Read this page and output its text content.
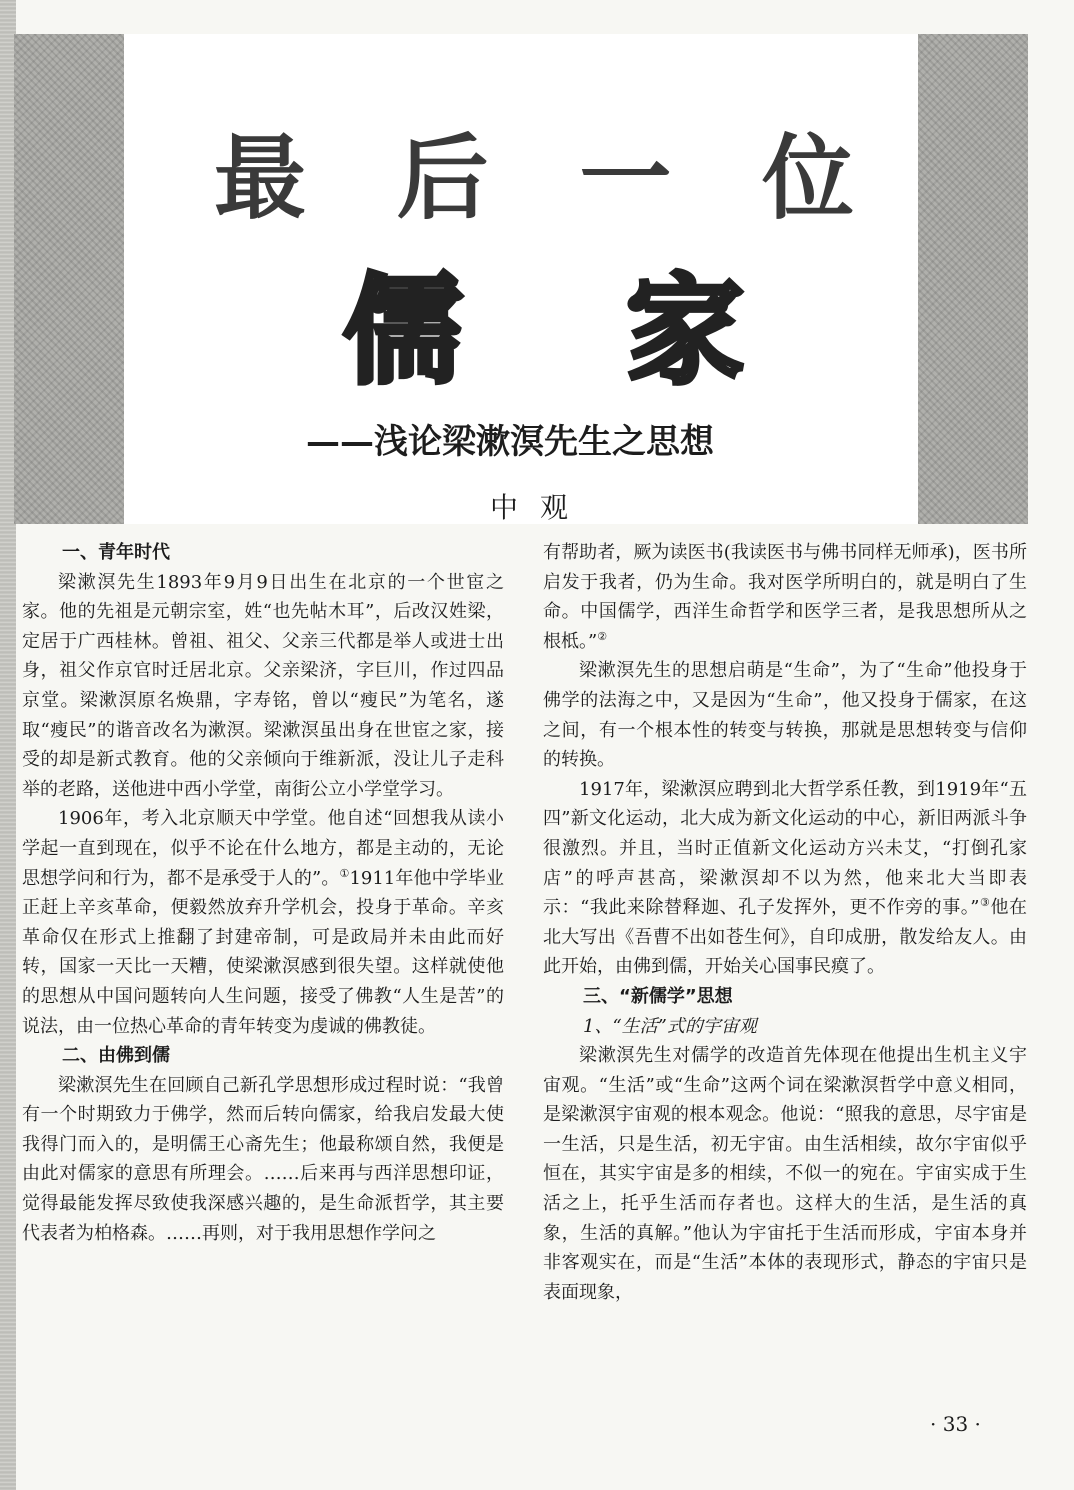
最 后 一 位
儒 家
——浅论梁漱溟先生之思想
中观
一、青年时代

梁漱溟先生1893年9月9日出生在北京的一个世宦之家。他的先祖是元朝宗室，姓“也先帖木耳”，后改汉姓梁，定居于广西桂林。曾祖、祖父、父亲三代都是举人或进士出身，祖父作京官时迁居北京。父亲梁济，字巨川，作过四品京堂。梁漱溟原名焕鼎，字寿铭，曾以“瘦民”为笔名，遂取“瘦民”的谐音改名为漱溟。梁漱溟虽出身在世宦之家，接受的却是新式教育。他的父亲倾向于维新派，没让儿子走科举的老路，送他进中西小学堂，南街公立小学堂学习。

1906年，考入北京顺天中学堂。他自述“回想我从读小学起一直到现在，似乎不论在什么地方，都是主动的，无论思想学问和行为，都不是承受于人的”。①1911年他中学毕业正赶上辛亥革命，便毅然放弃升学机会，投身于革命。辛亥革命仅在形式上推翻了封建帝制，可是政局并未由此而好转，国家一天比一天糟，使梁漱溟感到很失望。这样就使他的思想从中国问题转向人生问题，接受了佛教“人生是苦”的说法，由一位热心革命的青年转变为虔诚的佛教徒。

二、由佛到儒

梁漱溟先生在回顾自己新孔学思想形成过程时说：“我曾有一个时期致力于佛学，然而后转向儒家，给我启发最大使我得门而入的，是明儒王心斋先生；他最称颂自然，我便是由此对儒家的意思有所理会。……后来再与西洋思想印证，觉得最能发挥尽致使我深感兴趣的，是生命派哲学，其主要代表者为柏格森。……再则，对于我用思想作学问之

有帮助者，厥为读医书(我读医书与佛书同样无师承)，医书所启发于我者，仍为生命。我对医学所明白的，就是明白了生命。中国儒学，西洋生命哲学和医学三者，是我思想所从之根柢。”②

梁漱溟先生的思想启萌是“生命”，为了“生命”他投身于佛学的法海之中，又是因为“生命”，他又投身于儒家，在这之间，有一个根本性的转变与转换，那就是思想转变与信仰的转换。

1917年，梁漱溟应聘到北大哲学系任教，到1919年“五四”新文化运动，北大成为新文化运动的中心，新旧两派斗争很激烈。并且，当时正值新文化运动方兴未艾，“打倒孔家店”的呼声甚高，梁漱溟却不以为然，他来北大当即表示：“我此来除替释迦、孔子发挥外，更不作旁的事。”③他在北大写出《吾曹不出如苍生何》，自印成册，散发给友人。由此开始，由佛到儒，开始关心国事民瘼了。

三、“新儒学”思想
1、“生活”式的宇宙观

梁漱溟先生对儒学的改造首先体现在他提出生机主义宇宙观。“生活”或“生命”这两个词在梁漱溟哲学中意义相同，是梁漱溟宇宙观的根本观念。他说：“照我的意思，尽宇宙是一生活，只是生活，初无宇宙。由生活相续，故尔宇宙似乎恒在，其实宇宙是多的相续，不似一的宛在。宇宙实成于生活之上，托乎生活而存者也。这样大的生活，是生活的真象，生活的真解。”他认为宇宙托于生活而形成，宇宙本身并非客观实在，而是“生活”本体的表现形式，静态的宇宙只是表面现象，

· 33 ·
